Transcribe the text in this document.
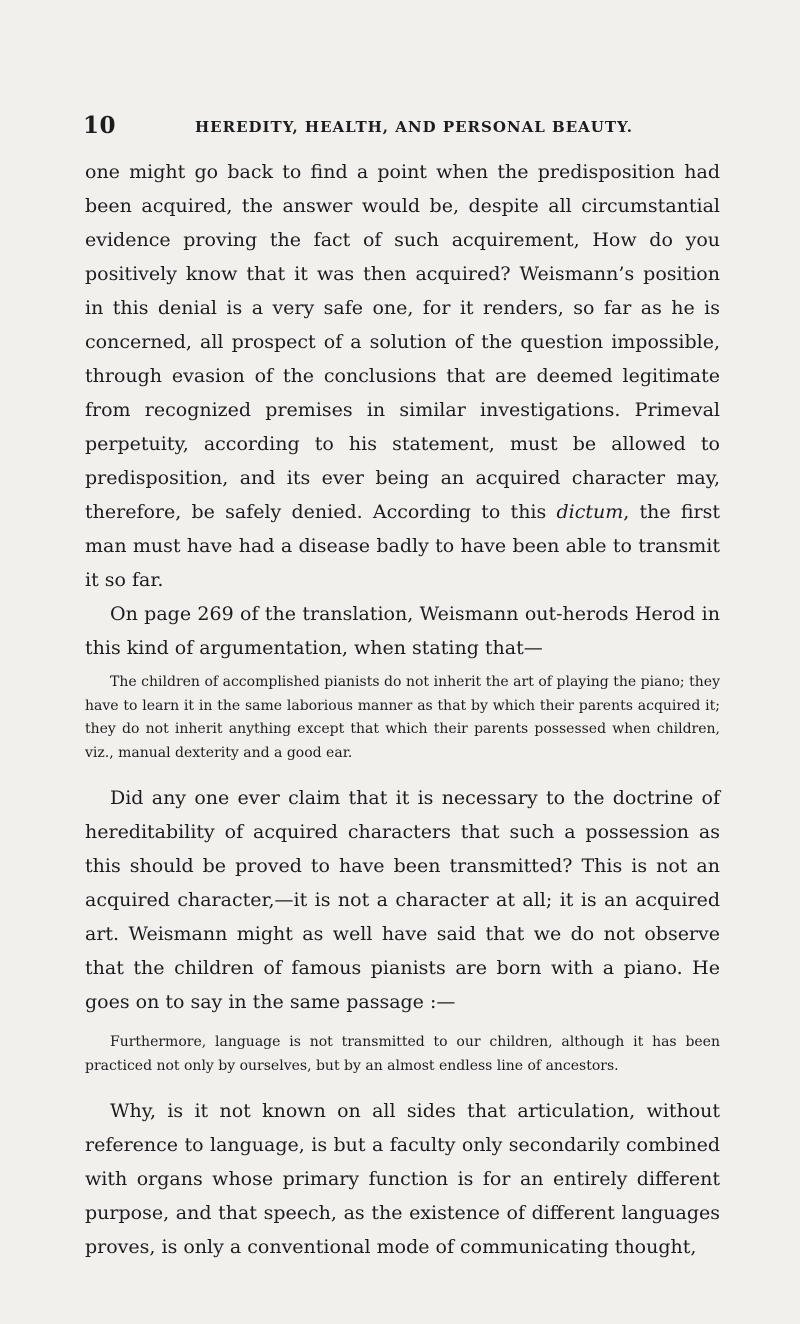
10	HEREDITY, HEALTH, AND PERSONAL BEAUTY.

one might go back to find a point when the predisposition had been acquired, the answer would be, despite all circumstantial evidence proving the fact of such acquirement, How do you positively know that it was then acquired? Weismann’s position in this denial is a very safe one, for it renders, so far as he is concerned, all prospect of a solution of the question impossible, through evasion of the conclusions that are deemed legitimate from recognized premises in similar investigations. Primeval perpetuity, according to his statement, must be allowed to predisposition, and its ever being an acquired character may, therefore, be safely denied. According to this dictum, the first man must have had a disease badly to have been able to transmit it so far.

On page 269 of the translation, Weismann out-herods Herod in this kind of argumentation, when stating that—

The children of accomplished pianists do not inherit the art of playing the piano; they have to learn it in the same laborious manner as that by which their parents acquired it; they do not inherit anything except that which their parents possessed when children, viz., manual dexterity and a good ear.

Did any one ever claim that it is necessary to the doctrine of hereditability of acquired characters that such a possession as this should be proved to have been transmitted? This is not an acquired character,—it is not a character at all; it is an acquired art. Weismann might as well have said that we do not observe that the children of famous pianists are born with a piano. He goes on to say in the same passage :—

Furthermore, language is not transmitted to our children, although it has been practiced not only by ourselves, but by an almost endless line of ancestors.

Why, is it not known on all sides that articulation, without reference to language, is but a faculty only secondarily combined with organs whose primary function is for an entirely different purpose, and that speech, as the existence of different languages proves, is only a conventional mode of communicating thought,
